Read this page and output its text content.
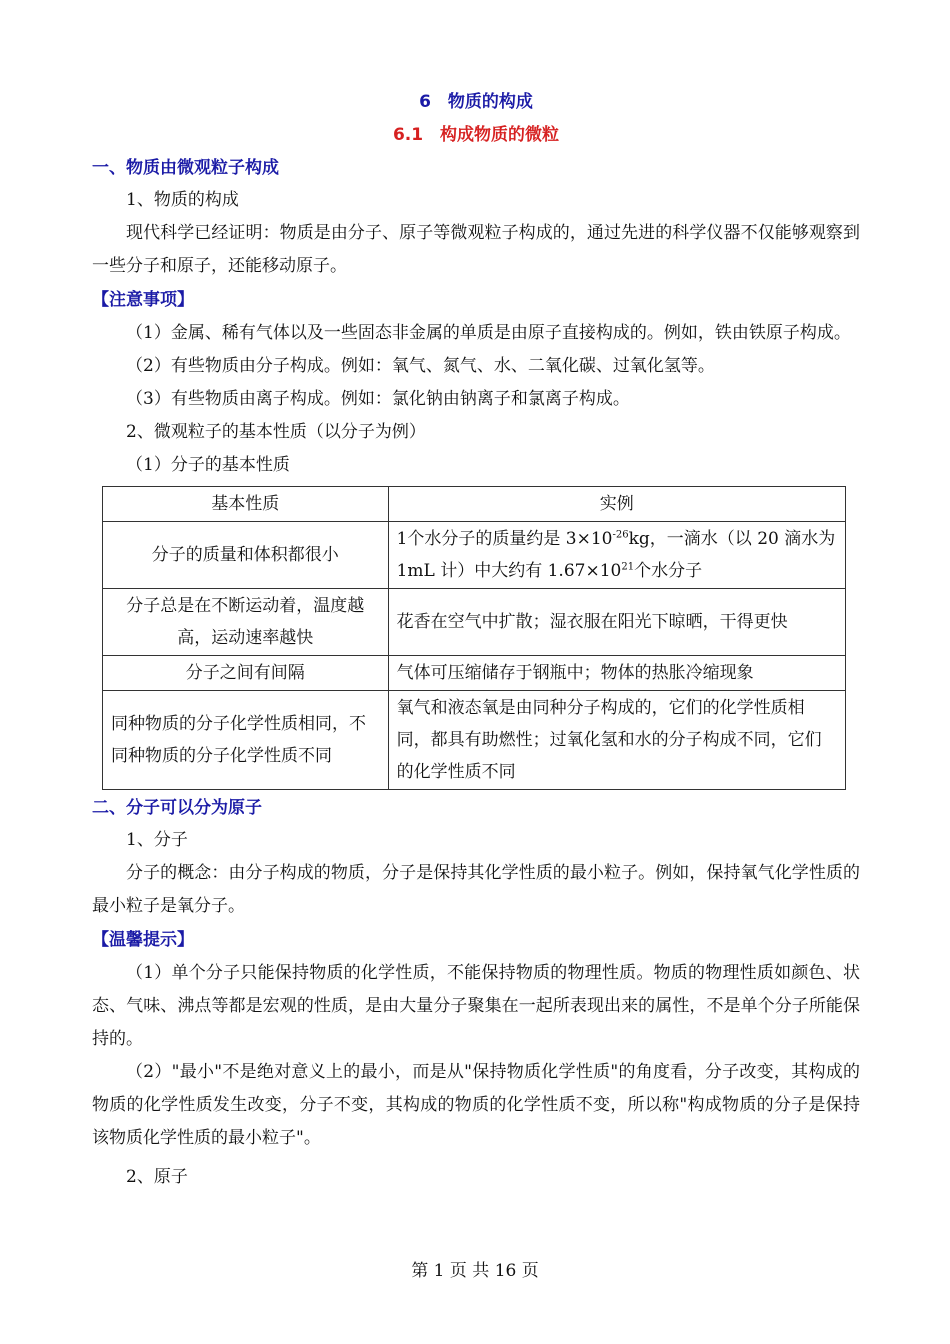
6　物质的构成
6.1　构成物质的微粒
一、物质由微观粒子构成

1、物质的构成

现代科学已经证明：物质是由分子、原子等微观粒子构成的，通过先进的科学仪器不仅能够观察到一些分子和原子，还能移动原子。

【注意事项】

（1）金属、稀有气体以及一些固态非金属的单质是由原子直接构成的。例如，铁由铁原子构成。

（2）有些物质由分子构成。例如：氧气、氮气、水、二氧化碳、过氧化氢等。

（3）有些物质由离子构成。例如：氯化钠由钠离子和氯离子构成。

2、微观粒子的基本性质（以分子为例）

（1）分子的基本性质

基本性质	实例
分子的质量和体积都很小	1个水分子的质量约是 $3\times 10^{-26}kg$，一滴水（以 20 滴水为 1mL 计）中大约有 $1.67\times 10^{21}$个水分子
分子总是在不断运动着，温度越高，运动速率越快	花香在空气中扩散；湿衣服在阳光下晾晒，干得更快
分子之间有间隔	气体可压缩储存于钢瓶中；物体的热胀冷缩现象
同种物质的分子化学性质相同，不同种物质的分子化学性质不同	氧气和液态氧是由同种分子构成的，它们的化学性质相同，都具有助燃性；过氧化氢和水的分子构成不同，它们的化学性质不同
二、分子可以分为原子

1、分子

分子的概念：由分子构成的物质，分子是保持其化学性质的最小粒子。例如，保持氧气化学性质的最小粒子是氧分子。

【温馨提示】

（1）单个分子只能保持物质的化学性质，不能保持物质的物理性质。物质的物理性质如颜色、状态、气味、沸点等都是宏观的性质，是由大量分子聚集在一起所表现出来的属性，不是单个分子所能保持的。

（2）"最小"不是绝对意义上的最小，而是从"保持物质化学性质"的角度看，分子改变，其构成的物质的化学性质发生改变，分子不变，其构成的物质的化学性质不变，所以称"构成物质的分子是保持该物质化学性质的最小粒子"。

2、原子

第 1 页 共 16 页
